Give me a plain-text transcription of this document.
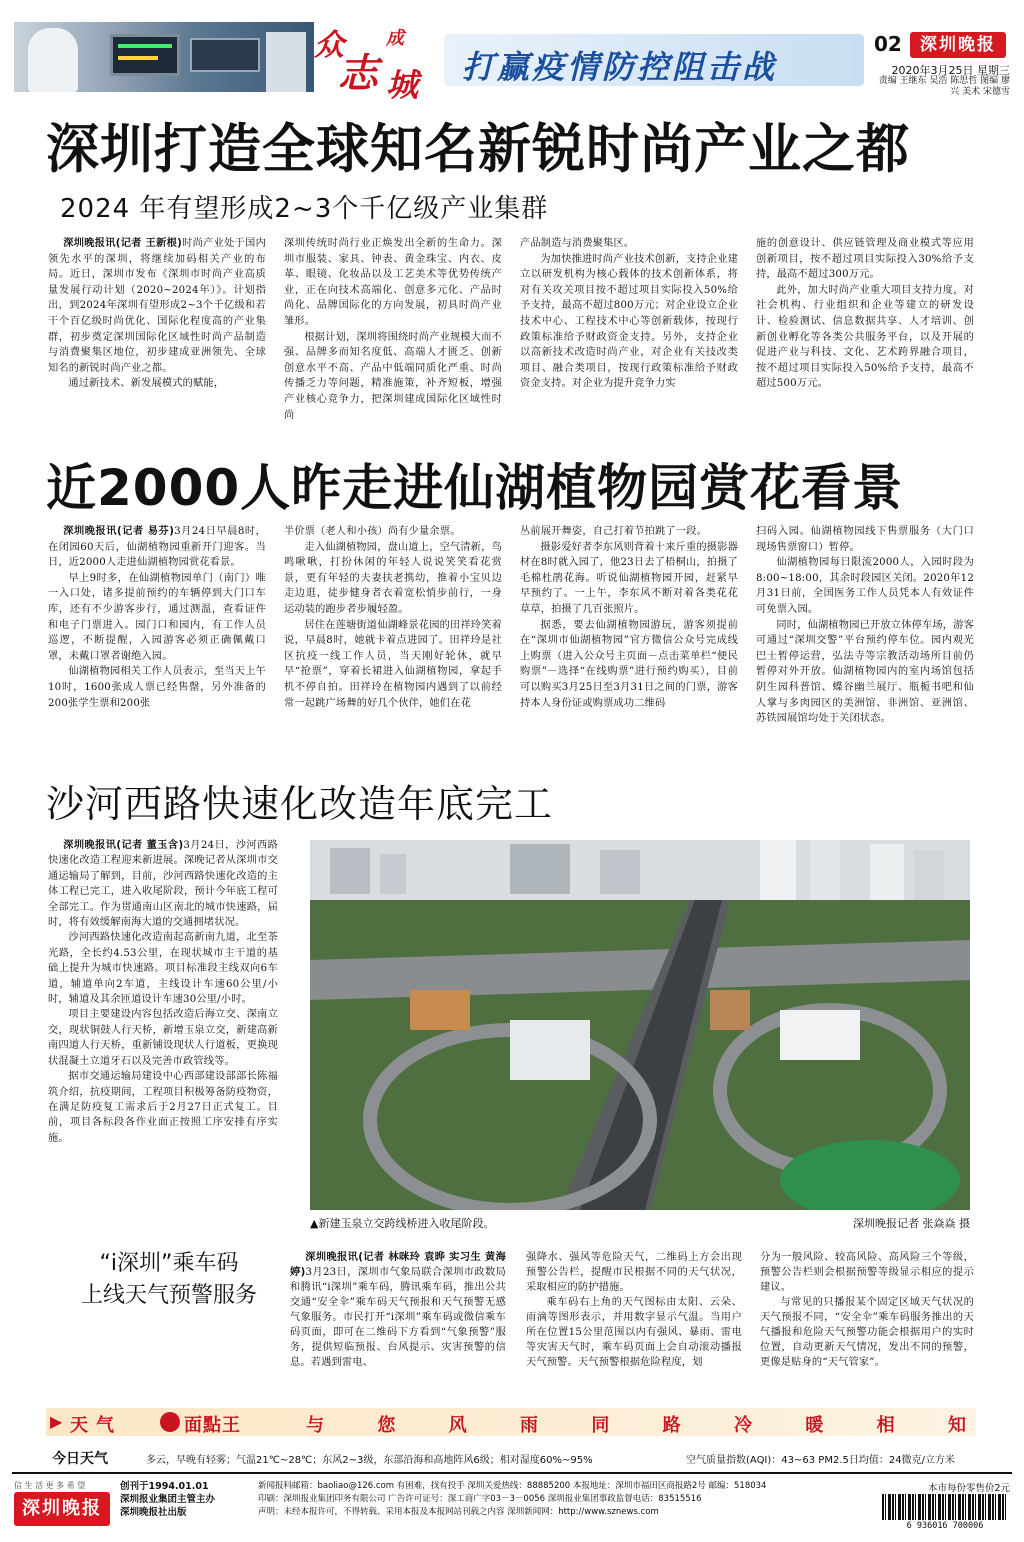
众
志
成
城 打赢疫情防控阻击战
02	深圳晚报
2020年3月25日 星期三
责编 王继东 吴浩 陈思哲 图编 廖 兴 美术 宋德雪
深圳打造全球知名新锐时尚产业之都
2024 年有望形成2~3个千亿级产业集群

深圳晚报讯(记者 王新根)时尚产业处于国内领先水平的深圳，将继续加码相关产业的布局。近日，深圳市发布《深圳市时尚产业高质量发展行动计划（2020~2024年）》。计划指出，到2024年深圳有望形成2~3个千亿级和若干个百亿级时尚优化、国际化程度高的产业集群，初步奠定深圳国际化区域性时尚产品制造与消费聚集区地位，初步建成亚洲领先、全球知名的新锐时尚产业之都。

通过新技术、新发展模式的赋能，

深圳传统时尚行业正焕发出全新的生命力。深圳市服装、家具、钟表、黄金珠宝、内衣、皮革、眼镜、化妆品以及工艺美术等优势传统产业，正在向技术高端化、创意多元化、产品时尚化、品牌国际化的方向发展，初具时尚产业雏形。

根据计划，深圳将围绕时尚产业规模大而不强、品牌多而知名度低、高端人才匮乏、创新创意水平不高、产品中低端同质化严重、时尚传播乏力等问题，精准施策，补齐短板，增强产业核心竞争力，把深圳建成国际化区域性时尚

产品制造与消费聚集区。

为加快推进时尚产业技术创新，支持企业建立以研发机构为核心载体的技术创新体系，将对有关攻关项目按不超过项目实际投入50%给予支持，最高不超过800万元；对企业设立企业技术中心、工程技术中心等创新载体，按现行政策标准给予财政资金支持。另外，支持企业以高新技术改造时尚产业，对企业有关技改类项目、融合类项目，按现行政策标准给予财政资金支持。对企业为提升竞争力实

施的创意设计、供应链管理及商业模式等应用创新项目，按不超过项目实际投入30%给予支持，最高不超过300万元。

此外，加大时尚产业重大项目支持力度，对社会机构、行业组织和企业等建立的研发设计、检验测试、信息数据共享、人才培训、创新创业孵化等各类公共服务平台，以及开展的促进产业与科技、文化、艺术跨界融合项目，按不超过项目实际投入50%给予支持，最高不超过500万元。

近2000人昨走进仙湖植物园赏花看景

深圳晚报讯(记者 易芬)3月24日早晨8时，在闭园60天后，仙湖植物园重新开门迎客。当日，近2000人走进仙湖植物园赏花看景。

早上9时多，在仙湖植物园单门（南门）唯一入口处，诸多提前预约的车辆停到大门口车库，还有不少游客步行，通过测温，查看证件和电子门票进入。园门口和园内，有工作人员巡逻，不断提醒，入园游客必须正确佩戴口罩，未戴口罩者谢绝入园。

仙湖植物园相关工作人员表示，至当天上午10时，1600张成人票已经售罄，另外准备的200张学生票和200张

半价票（老人和小孩）尚有少量余票。

走入仙湖植物园，盘山道上，空气清新，鸟鸣啾啾，打扮休闲的年轻人说说笑笑看花赏景，更有年轻的夫妻扶老携幼，推着小宝贝边走边逛，徒步健身者衣着宽松悄步前行，一身运动装的跑步者步履轻盈。

居住在莲塘街道仙湖峰景花园的田祥玲笑着说，早晨8时，她就卡着点进园了。田祥玲是社区抗疫一线工作人员，当天刚好轮休，就早早“抢票”，穿着长裙进入仙湖植物园，拿起手机不停自拍。田祥玲在植物园内遇到了以前经常一起跳广场舞的好几个伙伴，她们在花

丛前展开舞姿，自己打着节拍跳了一段。

摄影爱好者李东风则背着十来斤重的摄影器材在8时就入园了，他23日去了梧桐山，拍摄了毛棉杜鹃花海。听说仙湖植物园开园，赶紧早早预约了。一上午，李东风不断对着各类花花草草，拍摄了几百张照片。

据悉，要去仙湖植物园游玩，游客须提前在“深圳市仙湖植物园”官方微信公众号完成线上购票（进入公众号主页面－点击菜单栏“便民购票”－选择“在线购票”进行预约购买），目前可以购买3月25日至3月31日之间的门票，游客持本人身份证或购票成功二维码

扫码入园。仙湖植物园线下售票服务（大门口现场售票窗口）暂停。

仙湖植物园每日限流2000人，入园时段为8:00~18:00，其余时段园区关闭。2020年12月31日前，全国医务工作人员凭本人有效证件可免票入园。

同时，仙湖植物园已开放立体停车场，游客可通过“深圳交警”平台预约停车位。园内观光巴士暂停运营，弘法寺等宗教活动场所目前仍暂停对外开放。仙湖植物园内的室内场馆包括阴生园科普馆、蝶谷幽兰展厅、瓶栀书吧和仙人掌与多肉园区的美洲馆、非洲馆、亚洲馆、苏铁园展馆均处于关闭状态。

沙河西路快速化改造年底完工

深圳晚报讯(记者 董玉含)3月24日，沙河西路快速化改造工程迎来新进展。深晚记者从深圳市交通运输局了解到，目前，沙河西路快速化改造的主体工程已完工，进入收尾阶段，预计今年底工程可全部完工。作为贯通南山区南北的城市快速路，届时，将有效缓解南海大道的交通拥堵状况。

沙河西路快速化改造南起高新南九道，北至茶光路，全长约4.53公里，在现状城市主干道的基础上提升为城市快速路。项目标准段主线双向6车道，辅道单向2车道，主线设计车速60公里/小时，辅道及其余匝道设计车速30公里/小时。

项目主要建设内容包括改造后海立交、深南立交，现状铜鼓人行天桥，新增玉泉立交，新建高新南四道人行天桥，重新铺设现状人行道板，更换现状混凝土立道牙石以及完善市政管线等。

据市交通运输局建设中心西部建设部部长陈福筑介绍，抗疫期间，工程项目积极筹备防疫物资，在满足防疫复工需求后于2月27日正式复工。目前，项目各标段各作业面正按照工序安排有序实施。

▲新建玉泉立交跨线桥进入收尾阶段。	深圳晚报记者 张焱焱 摄
“i深圳”乘车码
上线天气预警服务

深圳晚报讯(记者 林咪玲 袁晔 实习生 黄海婷)3月23日，深圳市气象局联合深圳市政数局和腾讯“i深圳”乘车码，腾讯乘车码，推出公共交通“安全伞”乘车码天气预报和天气预警无感气象服务。市民打开“i深圳”乘车码或微信乘车码页面，即可在二维码下方看到“气象预警”服务，提供短临预报、台风提示、灾害预警的信息。若遇到雷电、

强降水、强风等危险天气，二维码上方会出现预警公告栏，提醒市民根据不同的天气状况，采取相应的防护措施。

乘车码右上角的天气图标由太阳、云朵、雨滴等图形表示，并用数字显示气温。当用户所在位置15公里范围以内有强风、暴雨、雷电等灾害天气时，乘车码页面上会自动滚动播报天气预警。天气预警根据危险程度，划

分为一般风险、较高风险、高风险三个等级，预警公告栏则会根据预警等级显示相应的提示建议。

与常见的只播报某个固定区域天气状况的天气预报不同，“安全伞”乘车码服务推出的天气播报和危险天气预警功能会根据用户的实时位置，自动更新天气情况，发出不同的预警，更像是贴身的“天气管家”。

▶ 天气	面點王	与	您	风	雨	同	路	冷	暖	相	知
今日天气	多云，早晚有轻雾；气温21℃~28℃；东风2~3级，东部沿海和高地阵风6级；相对湿度60%~95%	空气质量指数(AQI)：43~63 PM2.5日均值：24微克/立方米
信 生 活 更 多 希 望
深圳晚报
创刊于1994.01.01
深圳报业集团主管主办
深圳晚报社出版
新闻报料邮箱：baoliao@126.com 有困难，找有投手 深圳关爱热线：88885200 本报地址：深圳市福田区商报路2号 邮编：518034
印刷：深圳报业集团印务有限公司 广告许可证号：深工商广字03－3－0056 深圳报业集团事政监督电话：83515516
声明：未经本报许可，不得转载、采用本报及本报网站刊载之内容 深圳新闻网：http://www.sznews.com
本市每份零售价2元
6 936016 700006
